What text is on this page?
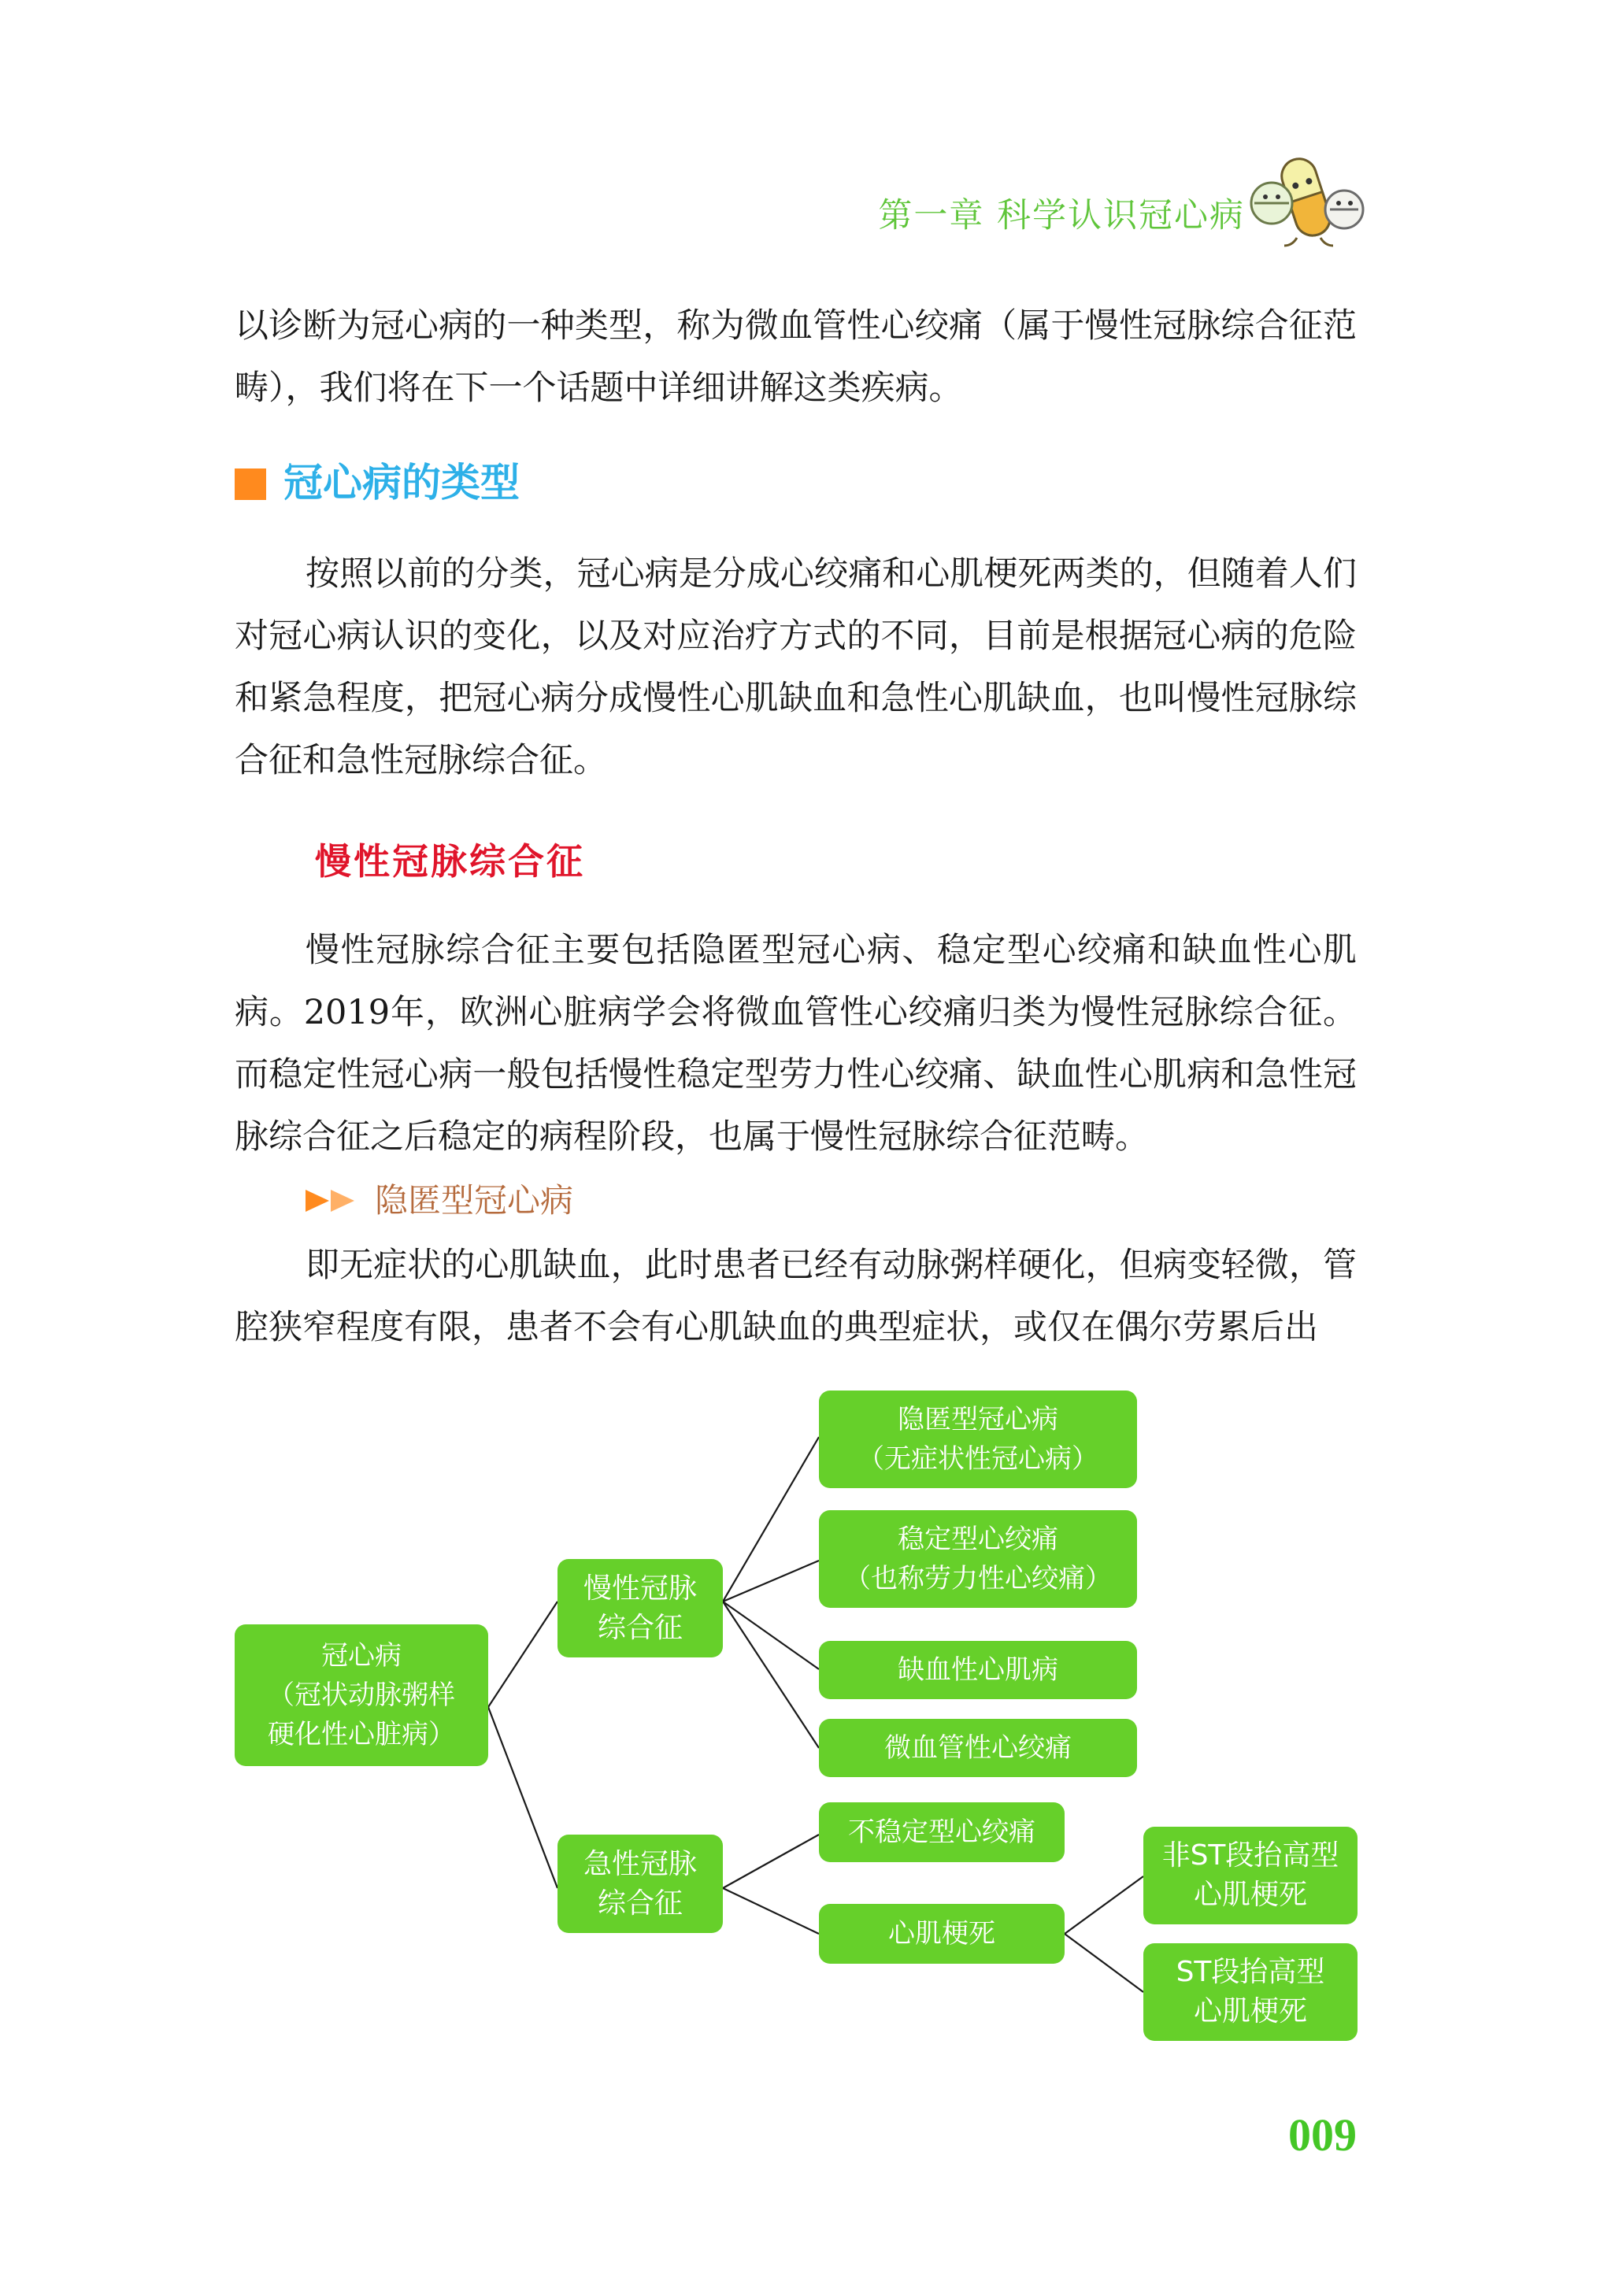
第一章 科学认识冠心病
以诊断为冠心病的一种类型，称为微血管性心绞痛（属于慢性冠脉综合征范畴），我们将在下一个话题中详细讲解这类疾病。
冠心病的类型
按照以前的分类，冠心病是分成心绞痛和心肌梗死两类的，但随着人们对冠心病认识的变化，以及对应治疗方式的不同，目前是根据冠心病的危险和紧急程度，把冠心病分成慢性心肌缺血和急性心肌缺血，也叫慢性冠脉综合征和急性冠脉综合征。
慢性冠脉综合征
慢性冠脉综合征主要包括隐匿型冠心病、稳定型心绞痛和缺血性心肌病。2019年，欧洲心脏病学会将微血管性心绞痛归类为慢性冠脉综合征。而稳定性冠心病一般包括慢性稳定型劳力性心绞痛、缺血性心肌病和急性冠脉综合征之后稳定的病程阶段，也属于慢性冠脉综合征范畴。
隐匿型冠心病
即无症状的心肌缺血，此时患者已经有动脉粥样硬化，但病变轻微，管腔狭窄程度有限，患者不会有心肌缺血的典型症状，或仅在偶尔劳累后出
冠心病
（冠状动脉粥样
硬化性心脏病）
慢性冠脉
综合征
急性冠脉
综合征
隐匿型冠心病
（无症状性冠心病）
稳定型心绞痛
（也称劳力性心绞痛）
缺血性心肌病
微血管性心绞痛
不稳定型心绞痛
心肌梗死
非ST段抬高型
心肌梗死
ST段抬高型
心肌梗死
009
